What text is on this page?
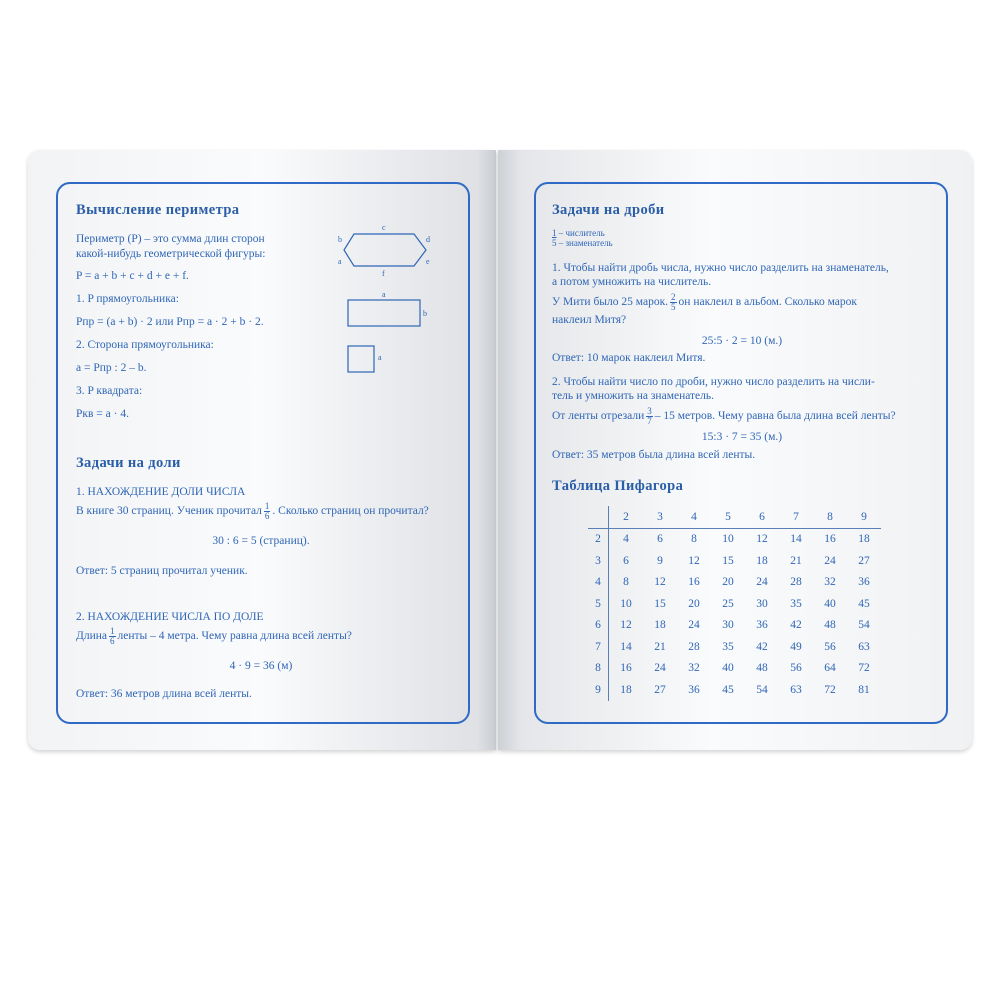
Вычисление периметра
Периметр (P) – это сумма длин сторон
какой-нибудь геометрической фигуры:
P = a + b + c + d + e + f.
1. P прямоугольника:
Pпр = (a + b) · 2 или Pпр = a · 2 + b · 2.
2. Сторона прямоугольника:
a = Pпр : 2 – b.
3. P квадрата:
Pкв = a · 4.
c
b	d
a	e
f
a
b
a
Задачи на доли
1. НАХОЖДЕНИЕ ДОЛИ ЧИСЛА
В книге 30 страниц. Ученик прочитал $\frac{1}{6}$ . Сколько страниц он прочитал?
30 : 6 = 5 (страниц).
Ответ: 5 страниц прочитал ученик.
2. НАХОЖДЕНИЕ ЧИСЛА ПО ДОЛЕ
Длина $\frac{1}{6}$ ленты – 4 метра. Чему равна длина всей ленты?
4 · 9 = 36 (м)
Ответ: 36 метров длина всей ленты.
Задачи на дроби
1 – числитель
5 – знаменатель
1. Чтобы найти дробь числа, нужно число разделить на знаменатель,
а потом умножить на числитель.
У Мити было 25 марок. $\frac{2}{5}$ он наклеил в альбом. Сколько марок
наклеил Митя?
25:5 · 2 = 10 (м.)
Ответ: 10 марок наклеил Митя.
2. Чтобы найти число по дроби, нужно число разделить на числи-
тель и умножить на знаменатель.
От ленты отрезали $\frac{3}{7} - 15$ метров. Чему равна была длина всей ленты?
15:3 · 7 = 35 (м.)
Ответ: 35 метров была длина всей ленты.
Таблица Пифагора
	2	3	4	5	6	7	8	9
2	4	6	8	10	12	14	16	18
3	6	9	12	15	18	21	24	27
4	8	12	16	20	24	28	32	36
5	10	15	20	25	30	35	40	45
6	12	18	24	30	36	42	48	54
7	14	21	28	35	42	49	56	63
8	16	24	32	40	48	56	64	72
9	18	27	36	45	54	63	72	81
